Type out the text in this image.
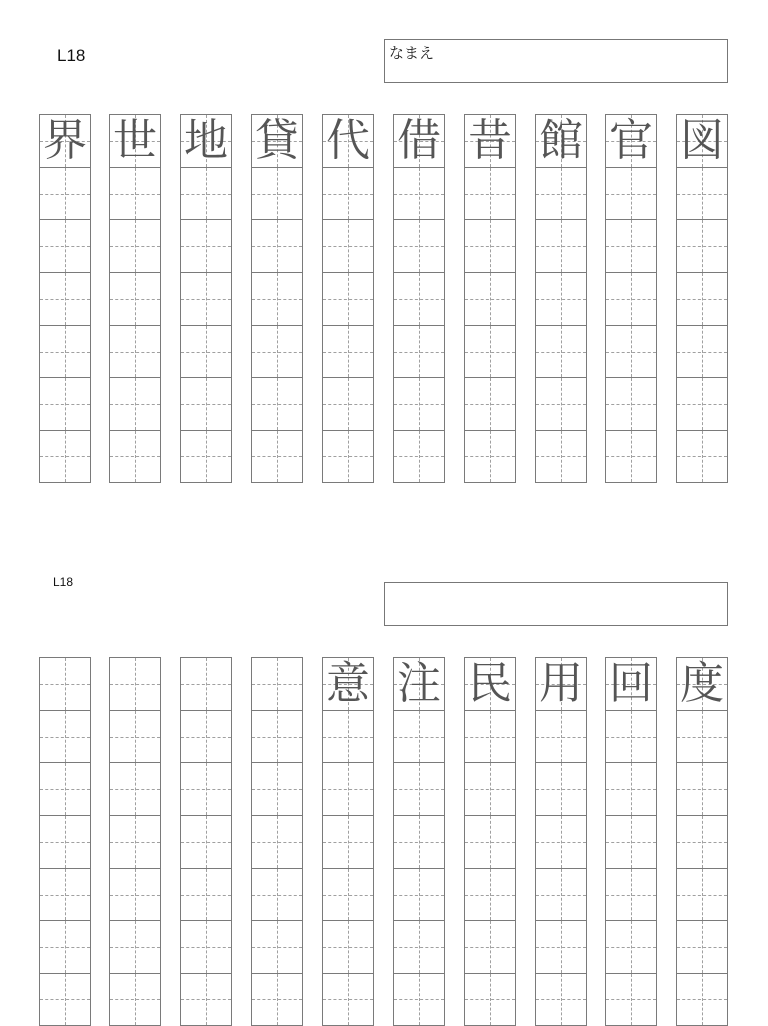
L18	なまえ
界 世 地 貸 代 借 昔 館 官 図
L18
意 注 民 用 回 度
